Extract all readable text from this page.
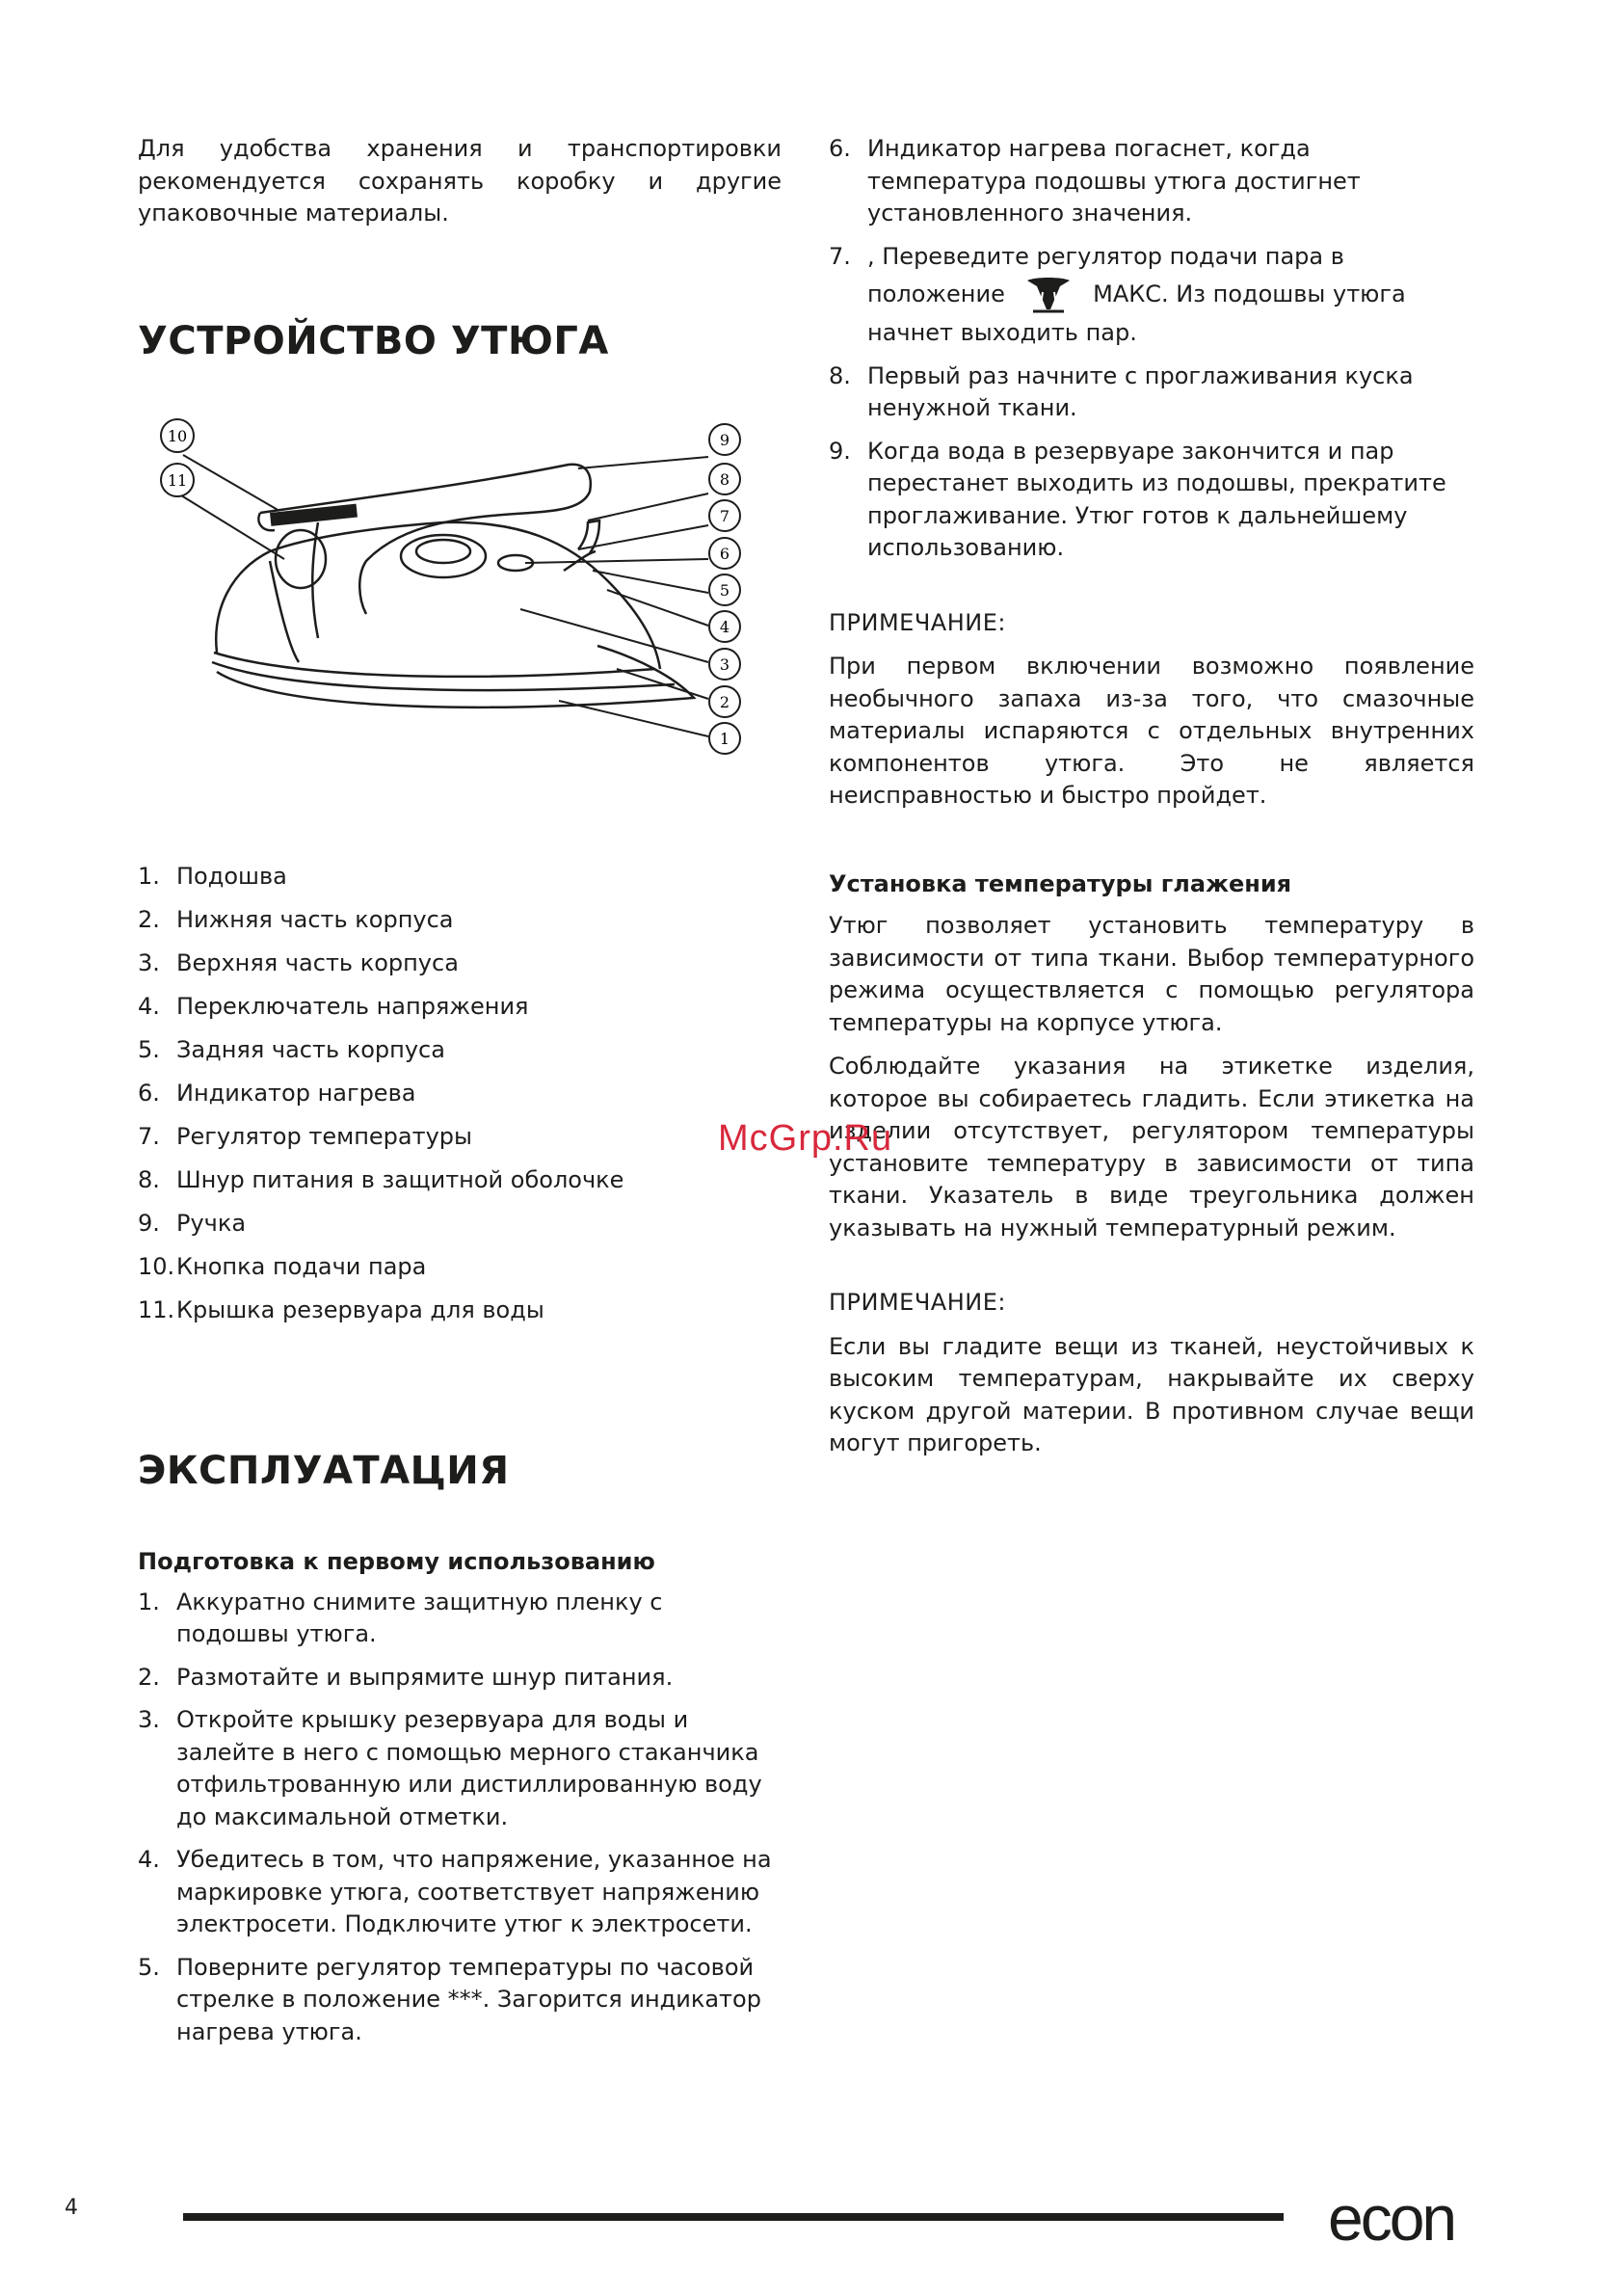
Для удобства хранения и транспортировки рекомендуется сохранять коробку и другие упаковочные материалы.

УСТРОЙСТВО УТЮГА
10
11
9
8
7
6
5
4
3
2
1
1. Подошва
2. Нижняя часть корпуса
3. Верхняя часть корпуса
4. Переключатель напряжения
5. Задняя часть корпуса
6. Индикатор нагрева
7. Регулятор температуры
8. Шнур питания в защитной оболочке
9. Ручка
10. Кнопка подачи пара
11. Крышка резервуара для воды
ЭКСПЛУАТАЦИЯ
Подготовка к первому использованию
1. Аккуратно снимите защитную пленку с подошвы утюга.
2. Размотайте и выпрямите шнур питания.
3. Откройте крышку резервуара для воды и залейте в него с помощью мерного стаканчика отфильтрованную или дистиллированную воду до максимальной отметки.
4. Убедитесь в том, что напряжение, указанное на маркировке утюга, соответствует напряжению электросети. Подключите утюг к электросети.
5. Поверните регулятор температуры по часовой стрелке в положение ***. Загорится индикатор нагрева утюга.
6. Индикатор нагрева погаснет, когда температура подошвы утюга достигнет установленного значения.
7. , Переведите регулятор подачи пара в положение	МАКС. Из подошвы утюга начнет выходить пар.
8. Первый раз начните с проглаживания куска ненужной ткани.
9. Когда вода в резервуаре закончится и пар перестанет выходить из подошвы, прекратите проглаживание. Утюг готов к дальнейшему использованию.

ПРИМЕЧАНИЕ:

При первом включении возможно появление необычного запаха из-за того, что смазочные материалы испаряются с отдельных внутренних компонентов утюга. Это не является неисправностью и быстро пройдет.

Установка температуры глажения

Утюг позволяет установить температуру в зависимости от типа ткани. Выбор температурного режима осуществляется с помощью регулятора температуры на корпусе утюга.

Соблюдайте указания на этикетке изделия, которое вы собираетесь гладить. Если этикетка на изделии отсутствует, регулятором температуры установите температуру в зависимости от типа ткани. Указатель в виде треугольника должен указывать на нужный температурный режим.

ПРИМЕЧАНИЕ:

Если вы гладите вещи из тканей, неустойчивых к высоким температурам, накрывайте их сверху куском другой материи. В противном случае вещи могут пригореть.

McGrp.Ru
4	econ
